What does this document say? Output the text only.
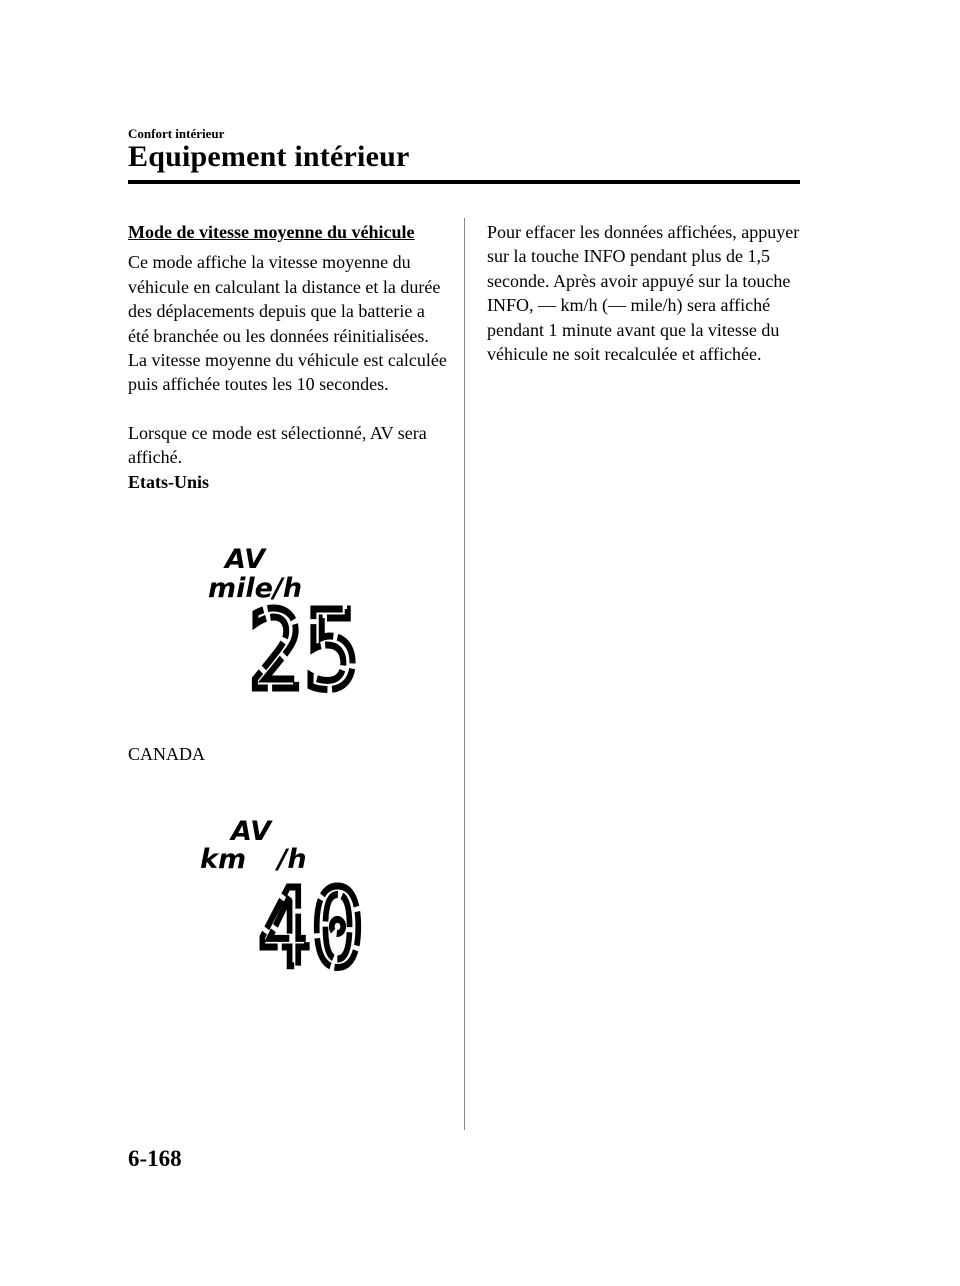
Confort intérieur
Equipement intérieur

Mode de vitesse moyenne du véhicule

Ce mode affiche la vitesse moyenne du véhicule en calculant la distance et la durée des déplacements depuis que la batterie a été branchée ou les données réinitialisées.

La vitesse moyenne du véhicule est calculée puis affichée toutes les 10 secondes.

Lorsque ce mode est sélectionné, AV sera affiché.

Etats-Unis

AV
mile/h
25
CANADA
AV
km /h
40

Pour effacer les données affichées, appuyer sur la touche INFO pendant plus de 1,5 seconde. Après avoir appuyé sur la touche INFO, — km/h (— mile/h) sera affiché pendant 1 minute avant que la vitesse du véhicule ne soit recalculée et affichée.

6-168
